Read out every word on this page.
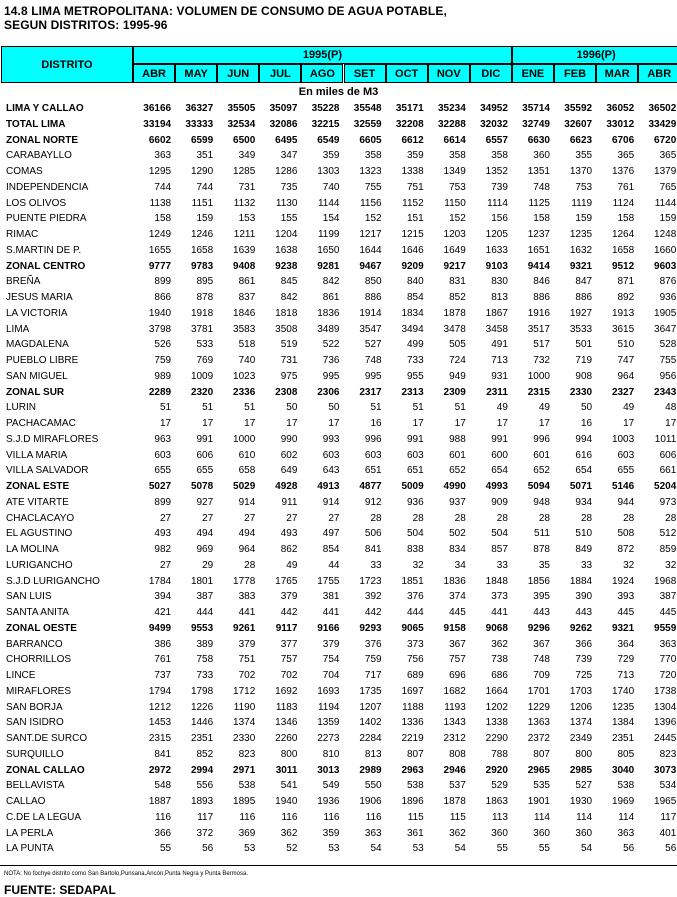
14.8 LIMA METROPOLITANA: VOLUMEN DE CONSUMO DE AGUA POTABLE,
SEGUN DISTRITOS: 1995-96
DISTRITO
1995(P)	1996(P)
ABR	MAY	JUN	JUL	AGO	SET	OCT	NOV	DIC	ENE	FEB	MAR	ABR
En miles de M3
LIMA Y CALLAO	36166	36327	35505	35097	35228	35548	35171	35234	34952	35714	35592	36052	36502
TOTAL LIMA	33194	33333	32534	32086	32215	32559	32208	32288	32032	32749	32607	33012	33429
ZONAL NORTE	6602	6599	6500	6495	6549	6605	6612	6614	6557	6630	6623	6706	6720
CARABAYLLO	363	351	349	347	359	358	359	358	358	360	355	365	365
COMAS	1295	1290	1285	1286	1303	1323	1338	1349	1352	1351	1370	1376	1379
INDEPENDENCIA	744	744	731	735	740	755	751	753	739	748	753	761	765
LOS OLIVOS	1138	1151	1132	1130	1144	1156	1152	1150	1114	1125	1119	1124	1144
PUENTE PIEDRA	158	159	153	155	154	152	151	152	156	158	159	158	159
RIMAC	1249	1246	1211	1204	1199	1217	1215	1203	1205	1237	1235	1264	1248
S.MARTIN DE P.	1655	1658	1639	1638	1650	1644	1646	1649	1633	1651	1632	1658	1660
ZONAL CENTRO	9777	9783	9408	9238	9281	9467	9209	9217	9103	9414	9321	9512	9603
BREÑA	899	895	861	845	842	850	840	831	830	846	847	871	876
JESUS MARIA	866	878	837	842	861	886	854	852	813	886	886	892	936
LA VICTORIA	1940	1918	1846	1818	1836	1914	1834	1878	1867	1916	1927	1913	1905
LIMA	3798	3781	3583	3508	3489	3547	3494	3478	3458	3517	3533	3615	3647
MAGDALENA	526	533	518	519	522	527	499	505	491	517	501	510	528
PUEBLO LIBRE	759	769	740	731	736	748	733	724	713	732	719	747	755
SAN MIGUEL	989	1009	1023	975	995	995	955	949	931	1000	908	964	956
ZONAL SUR	2289	2320	2336	2308	2306	2317	2313	2309	2311	2315	2330	2327	2343
LURIN	51	51	51	50	50	51	51	51	49	49	50	49	48
PACHACAMAC	17	17	17	17	17	16	17	17	17	17	16	17	17
S.J.D MIRAFLORES	963	991	1000	990	993	996	991	988	991	996	994	1003	1011
VILLA MARIA	603	606	610	602	603	603	603	601	600	601	616	603	606
VILLA SALVADOR	655	655	658	649	643	651	651	652	654	652	654	655	661
ZONAL ESTE	5027	5078	5029	4928	4913	4877	5009	4990	4993	5094	5071	5146	5204
ATE VITARTE	899	927	914	911	914	912	936	937	909	948	934	944	973
CHACLACAYO	27	27	27	27	27	28	28	28	28	28	28	28	28
EL AGUSTINO	493	494	494	493	497	506	504	502	504	511	510	508	512
LA MOLINA	982	969	964	862	854	841	838	834	857	878	849	872	859
LURIGANCHO	27	29	28	49	44	33	32	34	33	35	33	32	32
S.J.D LURIGANCHO	1784	1801	1778	1765	1755	1723	1851	1836	1848	1856	1884	1924	1968
SAN LUIS	394	387	383	379	381	392	376	374	373	395	390	393	387
SANTA ANITA	421	444	441	442	441	442	444	445	441	443	443	445	445
ZONAL OESTE	9499	9553	9261	9117	9166	9293	9065	9158	9068	9296	9262	9321	9559
BARRANCO	386	389	379	377	379	376	373	367	362	367	366	364	363
CHORRILLOS	761	758	751	757	754	759	756	757	738	748	739	729	770
LINCE	737	733	702	702	704	717	689	696	686	709	725	713	720
MIRAFLORES	1794	1798	1712	1692	1693	1735	1697	1682	1664	1701	1703	1740	1738
SAN BORJA	1212	1226	1190	1183	1194	1207	1188	1193	1202	1229	1206	1235	1304
SAN ISIDRO	1453	1446	1374	1346	1359	1402	1336	1343	1338	1363	1374	1384	1396
SANT.DE SURCO	2315	2351	2330	2260	2273	2284	2219	2312	2290	2372	2349	2351	2445
SURQUILLO	841	852	823	800	810	813	807	808	788	807	800	805	823
ZONAL CALLAO	2972	2994	2971	3011	3013	2989	2963	2946	2920	2965	2985	3040	3073
BELLAVISTA	548	556	538	541	549	550	538	537	529	535	527	538	534
CALLAO	1887	1893	1895	1940	1936	1906	1896	1878	1863	1901	1930	1969	1965
C.DE LA LEGUA	116	117	116	116	116	116	115	115	113	114	114	114	117
LA PERLA	366	372	369	362	359	363	361	362	360	360	360	363	401
LA PUNTA	55	56	53	52	53	54	53	54	55	55	54	56	56
NOTA: No fochye distrito como San Bartolo,Punsana,Ancón,Punta Negra y Punta Bermosa.
FUENTE: SEDAPAL
